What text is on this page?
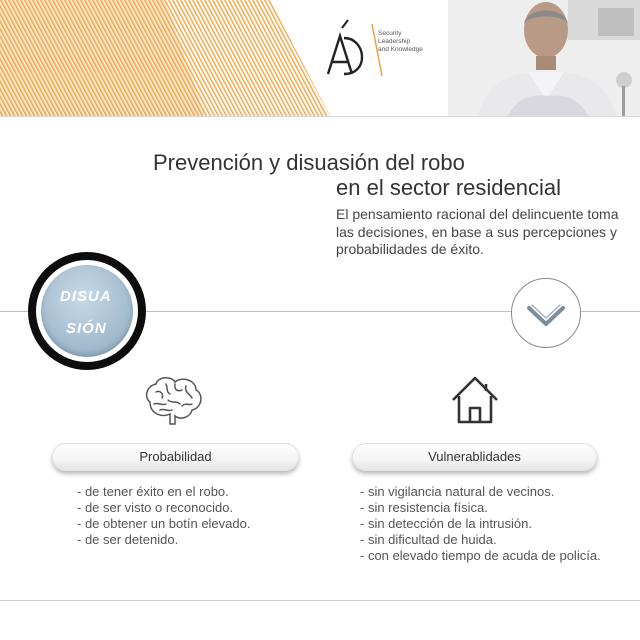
Security
Leadership
and Knowledge
Prevención y disuasión del robo
en el sector residencial
El pensamiento racional del delincuente toma las decisiones, en base a sus percepciones y probabilidades de éxito.
DISUA
SIÓN
Probabilidad	Vulnerablidades
- de tener éxito en el robo.
- de ser visto o reconocido.
- de obtener un botín elevado.
- de ser detenido.
- sin vigilancia natural de vecinos.
- sin resistencia física.
- sin detección de la intrusión.
- sin dificultad de huida.
- con elevado tiempo de acuda de policía.
